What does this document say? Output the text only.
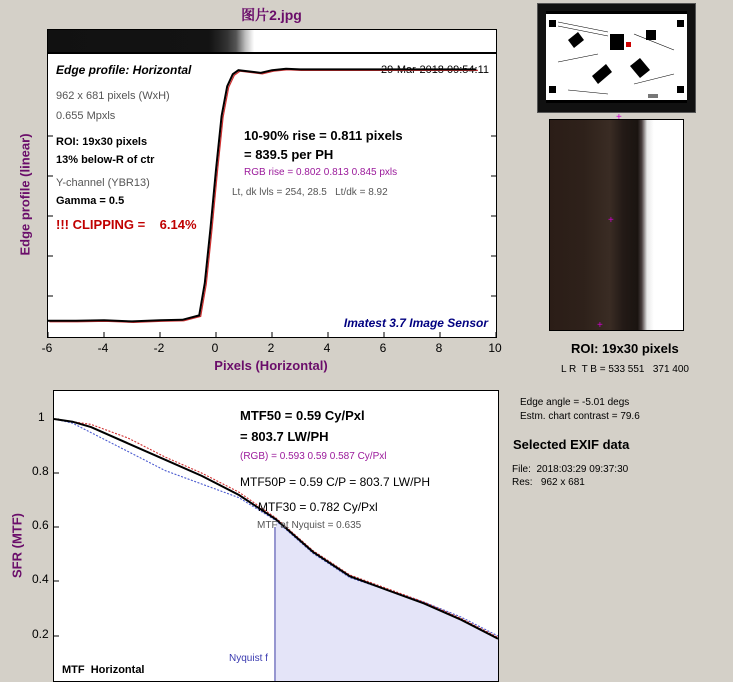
图片2.jpg
Edge profile: Horizontal	29-Mar-2018 09:54:11
962 x 681 pixels (WxH)
0.655 Mpxls
ROI: 19x30 pixels
13% below-R of ctr
Y-channel (YBR13)
Gamma = 0.5
!!! CLIPPING =    6.14%
10-90% rise = 0.811 pixels
= 839.5 per PH
RGB rise = 0.802 0.813 0.845 pxls
Lt, dk lvls = 254, 28.5   Lt/dk = 8.92
Imatest 3.7 Image Sensor
Edge profile (linear)
-6	-4	-2	0	2	4	6	8	10
Pixels (Horizontal)
+
+
+
ROI: 19x30 pixels
L R  T B = 533 551   371 400
Edge angle = -5.01 degs
Estm. chart contrast = 79.6
Selected EXIF data
File:  2018:03:29 09:37:30
Res:   962 x 681
MTF50 = 0.59 Cy/Pxl
= 803.7 LW/PH
(RGB) = 0.593 0.59 0.587 Cy/Pxl
MTF50P = 0.59 C/P = 803.7 LW/PH
MTF30 = 0.782 Cy/Pxl
MTF at Nyquist = 0.635
Nyquist f
MTF  Horizontal
SFR (MTF)
1
0.8
0.6
0.4
0.2
